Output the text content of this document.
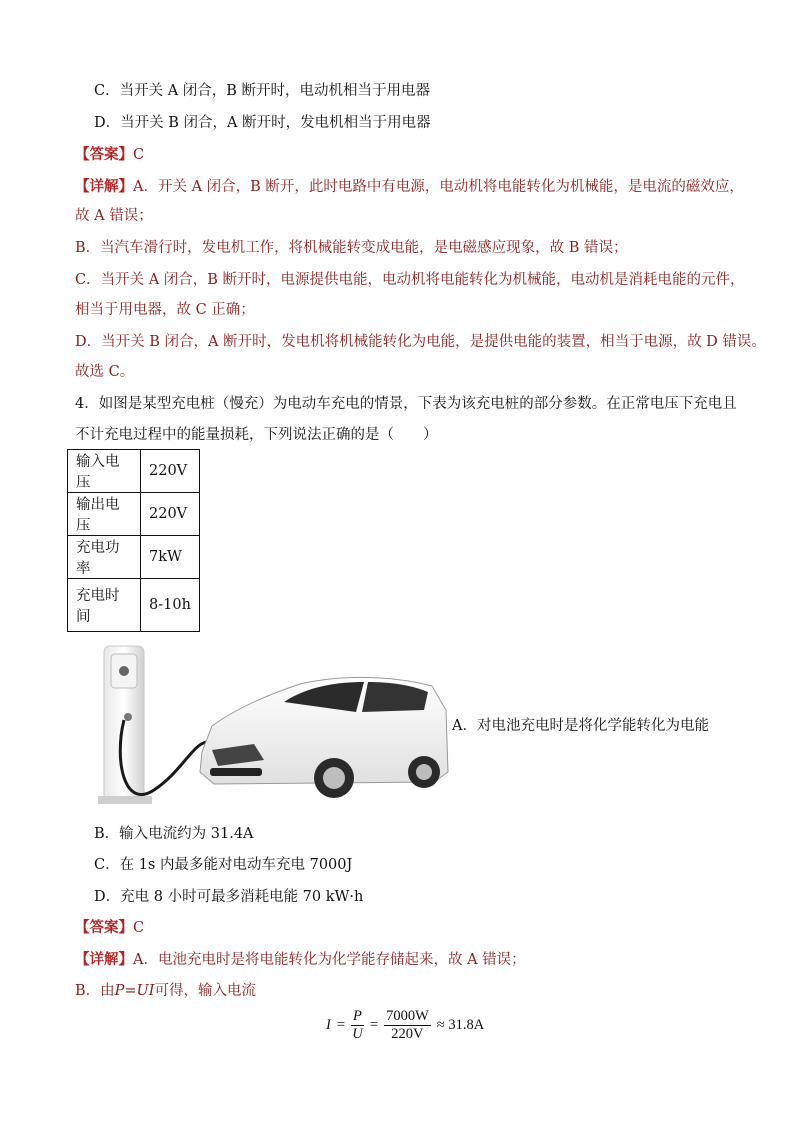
C．当开关 A 闭合，B 断开时，电动机相当于用电器
D．当开关 B 闭合，A 断开时，发电机相当于用电器
【答案】C
【详解】A．开关 A 闭合，B 断开，此时电路中有电源，电动机将电能转化为机械能，是电流的磁效应，
故 A 错误；
B．当汽车滑行时，发电机工作，将机械能转变成电能，是电磁感应现象，故 B 错误；
C．当开关 A 闭合，B 断开时，电源提供电能，电动机将电能转化为机械能，电动机是消耗电能的元件，
相当于用电器，故 C 正确；
D．当开关 B 闭合，A 断开时，发电机将机械能转化为电能，是提供电能的装置，相当于电源，故 D 错误。
故选 C。
4．如图是某型充电桩（慢充）为电动车充电的情景，下表为该充电桩的部分参数。在正常电压下充电且
不计充电过程中的能量损耗，下列说法正确的是（　　）
输入电压	220V
输出电压	220V
充电功率	7kW
充电时间	8-10h
A．对电池充电时是将化学能转化为电能
B．输入电流约为 31.4A
C．在 1s 内最多能对电动车充电 7000J
D．充电 8 小时可最多消耗电能 70 kW·h
【答案】C
【详解】A．电池充电时是将电能转化为化学能存储起来，故 A 错误；
B．由P=UI可得，输入电流
$I = \frac{P}{U} = \frac{7000W}{220V} \approx 31.8A$
